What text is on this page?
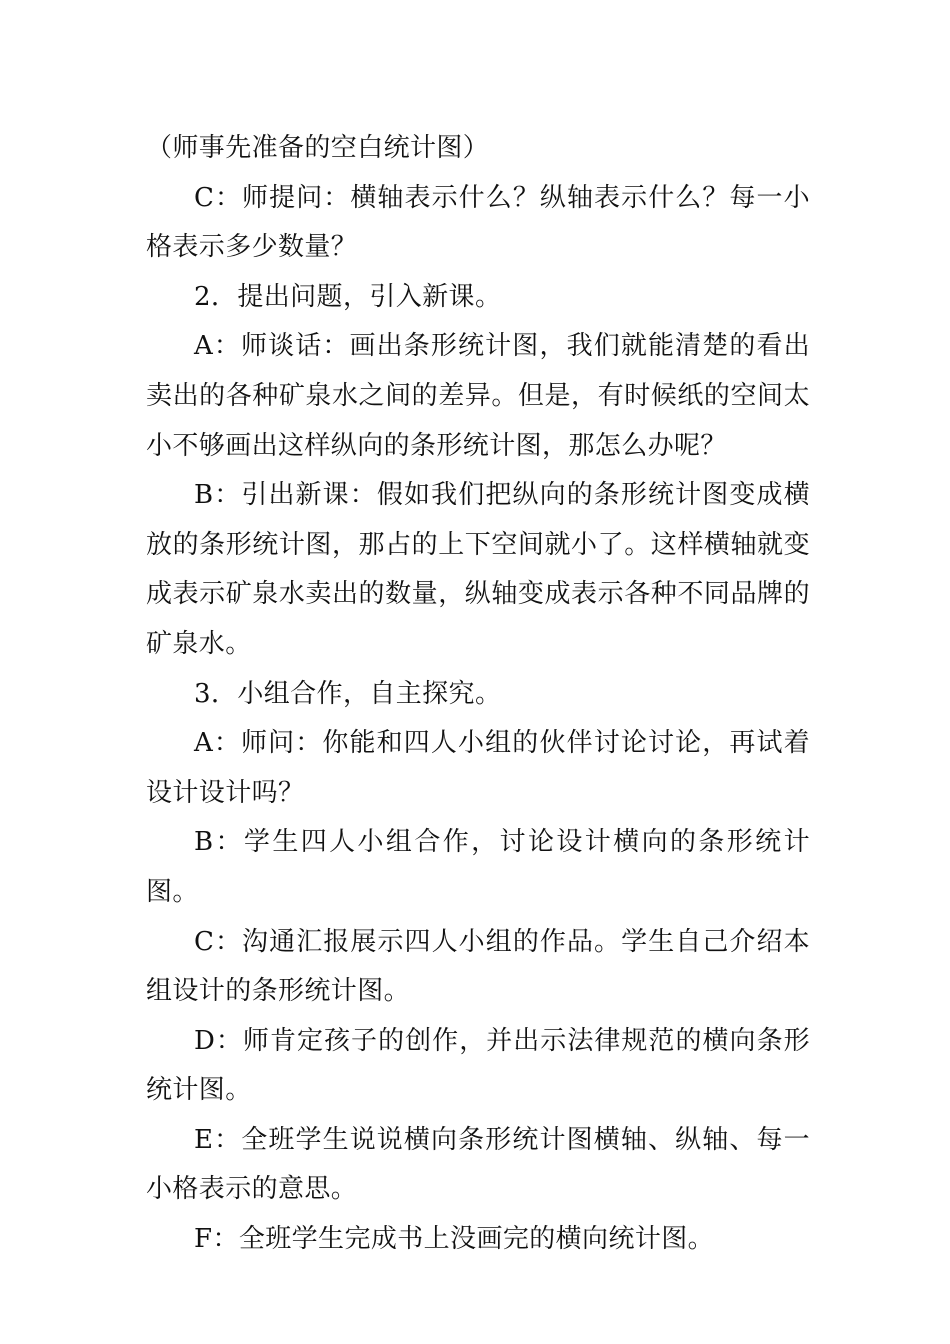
（师事先准备的空白统计图）

C：师提问：横轴表示什么？纵轴表示什么？每一小格表示多少数量？

2．提出问题，引入新课。

A：师谈话：画出条形统计图，我们就能清楚的看出卖出的各种矿泉水之间的差异。但是，有时候纸的空间太小不够画出这样纵向的条形统计图，那怎么办呢？

B：引出新课：假如我们把纵向的条形统计图变成横放的条形统计图，那占的上下空间就小了。这样横轴就变成表示矿泉水卖出的数量，纵轴变成表示各种不同品牌的矿泉水。

3．小组合作，自主探究。

A：师问：你能和四人小组的伙伴讨论讨论，再试着设计设计吗？

B：学生四人小组合作，讨论设计横向的条形统计图。

C：沟通汇报展示四人小组的作品。学生自己介绍本组设计的条形统计图。

D：师肯定孩子的创作，并出示法律规范的横向条形统计图。

E：全班学生说说横向条形统计图横轴、纵轴、每一小格表示的意思。

F：全班学生完成书上没画完的横向统计图。
